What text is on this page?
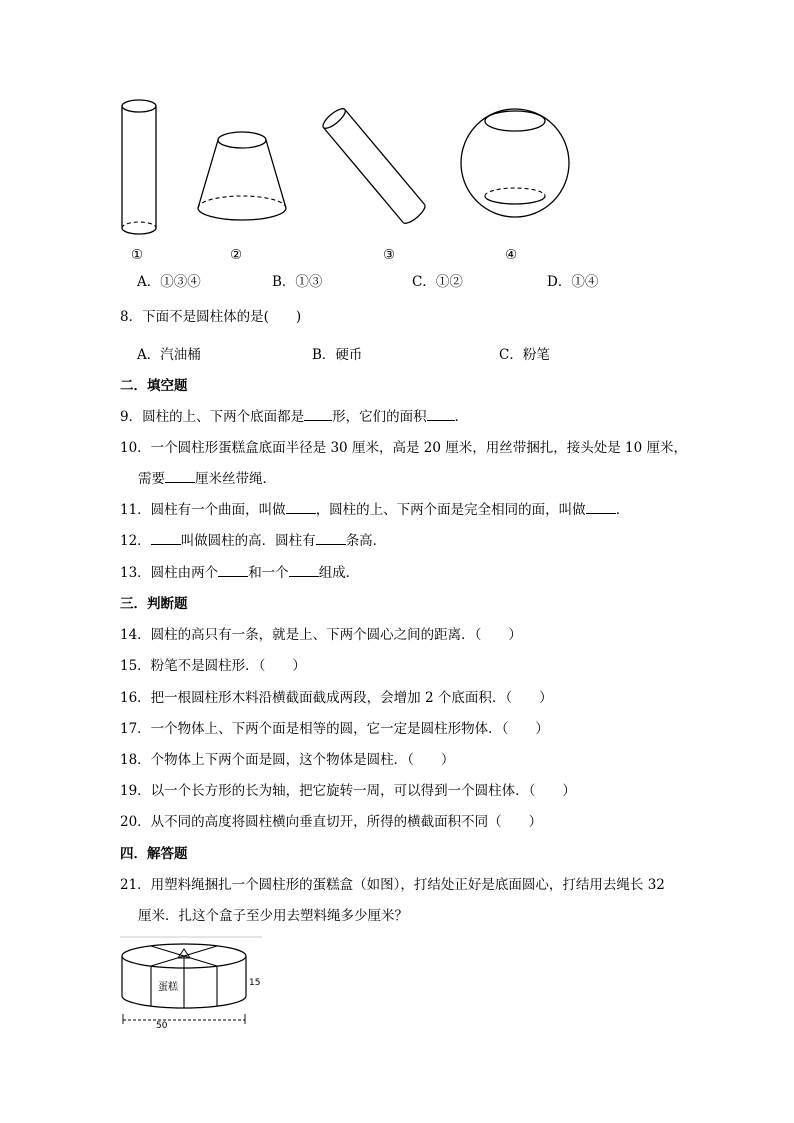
①	②	③	④
A．①③④	B．①③	C．①②	D．①④
8．下面不是圆柱体的是(　　)
A．汽油桶	B．硬币	C．粉笔
二．填空题
9．圆柱的上、下两个底面都是 形，它们的面积 ．
10．一个圆柱形蛋糕盒底面半径是 30 厘米，高是 20 厘米，用丝带捆扎，接头处是 10 厘米，
需要 厘米丝带绳．
11．圆柱有一个曲面，叫做 ，圆柱的上、下两个面是完全相同的面，叫做 ．
12． 叫做圆柱的高．圆柱有 条高．
13．圆柱由两个 和一个 组成．
三．判断题
14．圆柱的高只有一条，就是上、下两个圆心之间的距离．（　　）
15．粉笔不是圆柱形．（　　）
16．把一根圆柱形木料沿横截面截成两段，会增加 2 个底面积．（　　）
17．一个物体上、下两个面是相等的圆，它一定是圆柱形物体．（　　）
18．个物体上下两个面是圆，这个物体是圆柱．（　　）
19．以一个长方形的长为轴，把它旋转一周，可以得到一个圆柱体．（　　）
20．从不同的高度将圆柱横向垂直切开，所得的横截面积不同（　　）
四．解答题
21．用塑料绳捆扎一个圆柱形的蛋糕盒（如图），打结处正好是底面圆心，打结用去绳长 32
厘米．扎这个盒子至少用去塑料绳多少厘米？
蛋糕	15
50
